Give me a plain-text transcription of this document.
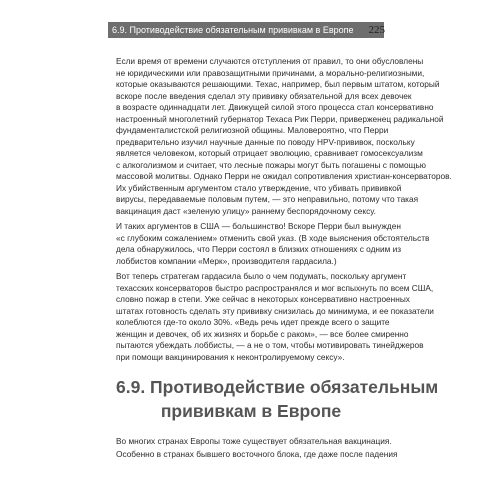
6.9. Противодействие обязательным прививкам в Европе	225

Если время от времени случаются отступления от правил, то они обусловлены
не юридическими или правозащитными причинами, а морально-религиозными,
которые оказываются решающими. Техас, например, был первым штатом, который
вскоре после введения сделал эту прививку обязательной для всех девочек
в возрасте одиннадцати лет. Движущей силой этого процесса стал консервативно
настроенный многолетний губернатор Техаса Рик Перри, приверженец радикальной
фундаменталистской религиозной общины. Маловероятно, что Перри
предварительно изучил научные данные по поводу HPV-прививок, поскольку
является человеком, который отрицает эволюцию, сравнивает гомосексуализм
с алкоголизмом и считает, что лесные пожары могут быть погашены с помощью
массовой молитвы. Однако Перри не ожидал сопротивления христиан-консерваторов.
Их убийственным аргументом стало утверждение, что убивать прививкой
вирусы, передаваемые половым путем, — это неправильно, потому что такая
вакцинация даст «зеленую улицу» раннему беспорядочному сексу.

И таких аргументов в США — большинство! Вскоре Перри был вынужден
«с глубоким сожалением» отменить свой указ. (В ходе выяснения обстоятельств
дела обнаружилось, что Перри состоял в близких отношениях с одним из
лоббистов компании «Мерк», производителя гардасила.)

Вот теперь стратегам гардасила было о чем подумать, поскольку аргумент
техасских консерваторов быстро распространялся и мог вспыхнуть по всем США,
словно пожар в степи. Уже сейчас в некоторых консервативно настроенных
штатах готовность сделать эту прививку снизилась до минимума, и ее показатели
колеблются где-то около 30%. «Ведь речь идет прежде всего о защите
женщин и девочек, об их жизнях и борьбе с раком», — все более смиренно
пытаются убеждать лоббисты, — а не о том, чтобы мотивировать тинейджеров
при помощи вакцинирования к неконтролируемому сексу».

6.9. Противодействие обязательным
прививкам в Европе
Во многих странах Европы тоже существует обязательная вакцинация.
Особенно в странах бывшего восточного блока, где даже после падения
